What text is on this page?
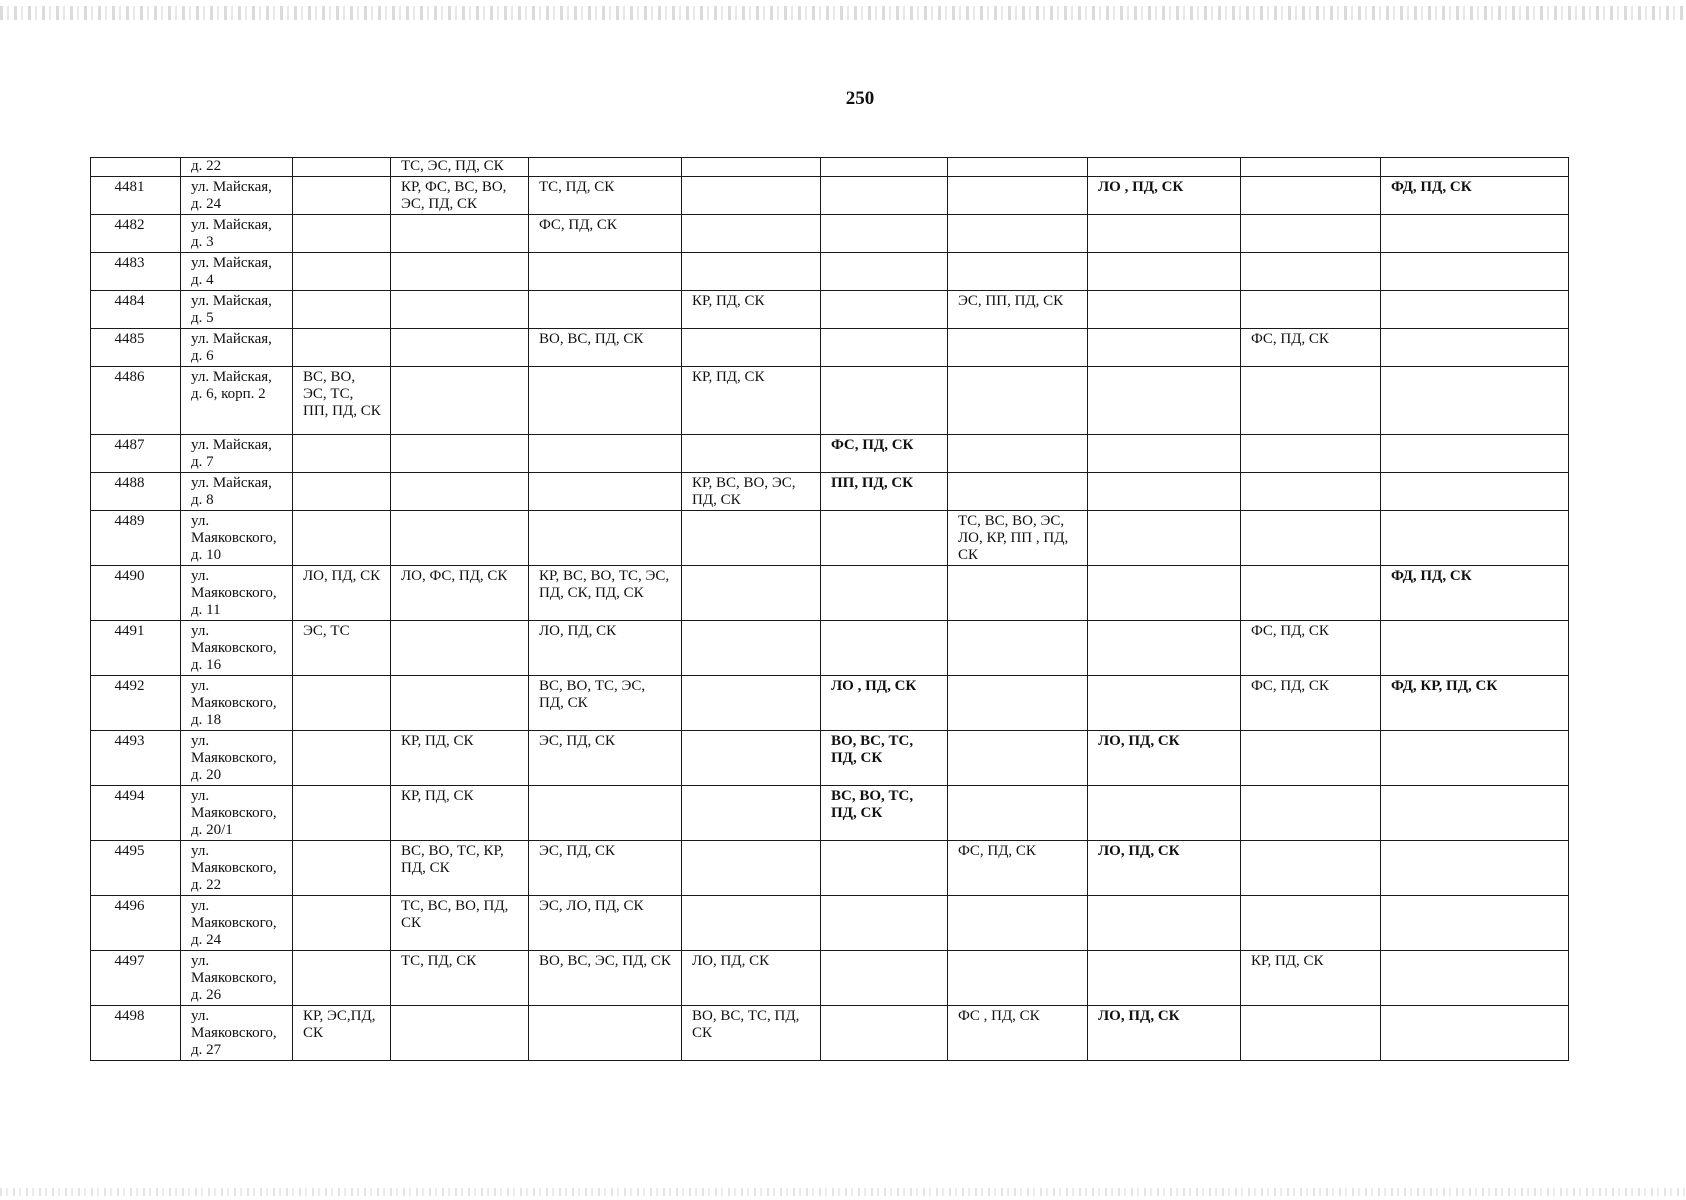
250
	д. 22		ТС, ЭС, ПД, СК							
4481	ул. Майская, д. 24		КР, ФС, ВС, ВО, ЭС, ПД, СК	ТС, ПД, СК				ЛО , ПД, СК		ФД, ПД, СК
4482	ул. Майская, д. 3			ФС, ПД, СК						
4483	ул. Майская, д. 4									
4484	ул. Майская, д. 5				КР, ПД, СК		ЭС, ПП, ПД, СК			
4485	ул. Майская, д. 6			ВО, ВС, ПД, СК					ФС, ПД, СК	
4486	ул. Майская, д. 6, корп. 2	ВС, ВО, ЭС, ТС, ПП, ПД, СК			КР, ПД, СК					
4487	ул. Майская, д. 7					ФС, ПД, СК				
4488	ул. Майская, д. 8				КР, ВС, ВО, ЭС, ПД, СК	ПП, ПД, СК				
4489	ул. Маяковского, д. 10						ТС, ВС, ВО, ЭС, ЛО, КР, ПП , ПД, СК			
4490	ул. Маяковского, д. 11	ЛО, ПД, СК	ЛО, ФС, ПД, СК	КР, ВС, ВО, ТС, ЭС, ПД, СК, ПД, СК						ФД, ПД, СК
4491	ул. Маяковского, д. 16	ЭС, ТС		ЛО, ПД, СК					ФС, ПД, СК	
4492	ул. Маяковского, д. 18			ВС, ВО, ТС, ЭС, ПД, СК		ЛО , ПД, СК			ФС, ПД, СК	ФД, КР, ПД, СК
4493	ул. Маяковского, д. 20		КР, ПД, СК	ЭС, ПД, СК		ВО, ВС, ТС, ПД, СК		ЛО, ПД, СК		
4494	ул. Маяковского, д. 20/1		КР, ПД, СК			ВС, ВО, ТС, ПД, СК				
4495	ул. Маяковского, д. 22		ВС, ВО, ТС, КР, ПД, СК	ЭС, ПД, СК			ФС, ПД, СК	ЛО, ПД, СК		
4496	ул. Маяковского, д. 24		ТС, ВС, ВО, ПД, СК	ЭС, ЛО, ПД, СК						
4497	ул. Маяковского, д. 26		ТС, ПД, СК	ВО, ВС, ЭС, ПД, СК	ЛО, ПД, СК				КР, ПД, СК	
4498	ул. Маяковского, д. 27	КР, ЭС,ПД, СК			ВО, ВС, ТС, ПД, СК		ФС , ПД, СК	ЛО, ПД, СК		
